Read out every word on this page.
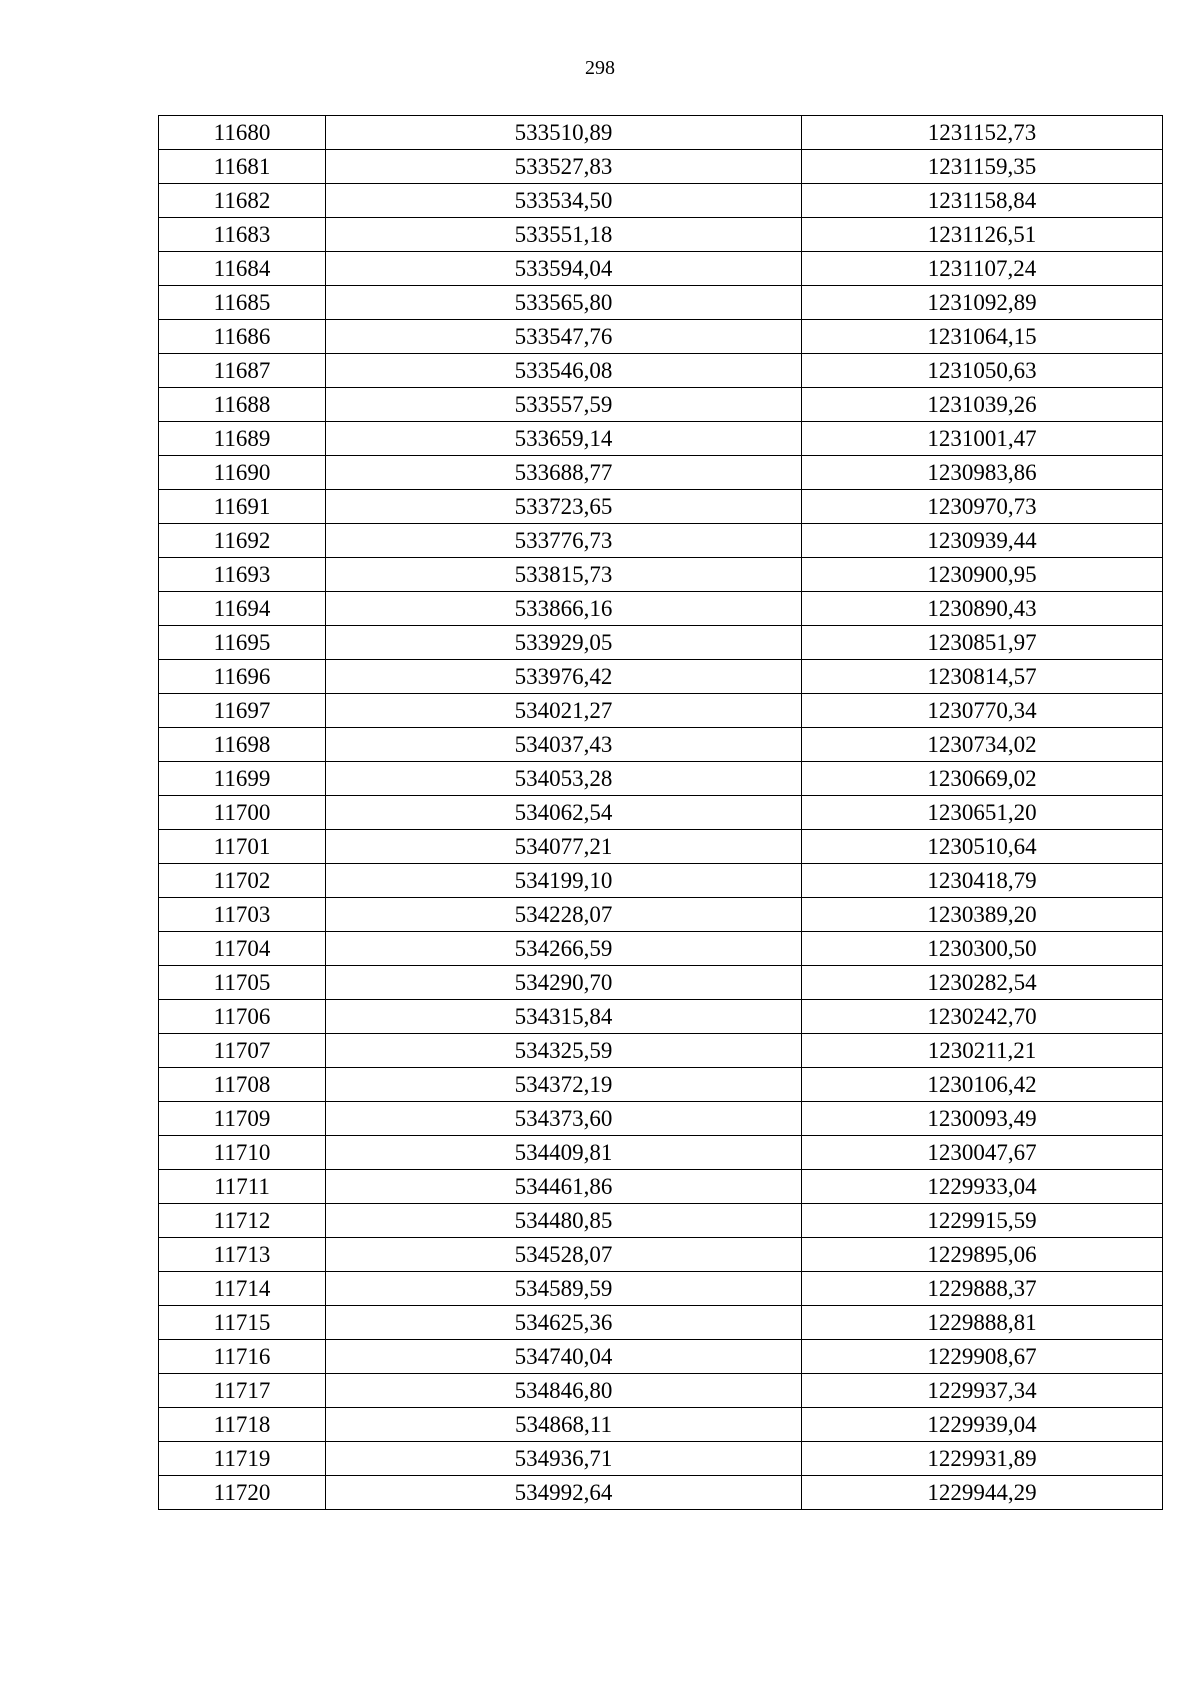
298
11680	533510,89	1231152,73
11681	533527,83	1231159,35
11682	533534,50	1231158,84
11683	533551,18	1231126,51
11684	533594,04	1231107,24
11685	533565,80	1231092,89
11686	533547,76	1231064,15
11687	533546,08	1231050,63
11688	533557,59	1231039,26
11689	533659,14	1231001,47
11690	533688,77	1230983,86
11691	533723,65	1230970,73
11692	533776,73	1230939,44
11693	533815,73	1230900,95
11694	533866,16	1230890,43
11695	533929,05	1230851,97
11696	533976,42	1230814,57
11697	534021,27	1230770,34
11698	534037,43	1230734,02
11699	534053,28	1230669,02
11700	534062,54	1230651,20
11701	534077,21	1230510,64
11702	534199,10	1230418,79
11703	534228,07	1230389,20
11704	534266,59	1230300,50
11705	534290,70	1230282,54
11706	534315,84	1230242,70
11707	534325,59	1230211,21
11708	534372,19	1230106,42
11709	534373,60	1230093,49
11710	534409,81	1230047,67
11711	534461,86	1229933,04
11712	534480,85	1229915,59
11713	534528,07	1229895,06
11714	534589,59	1229888,37
11715	534625,36	1229888,81
11716	534740,04	1229908,67
11717	534846,80	1229937,34
11718	534868,11	1229939,04
11719	534936,71	1229931,89
11720	534992,64	1229944,29
